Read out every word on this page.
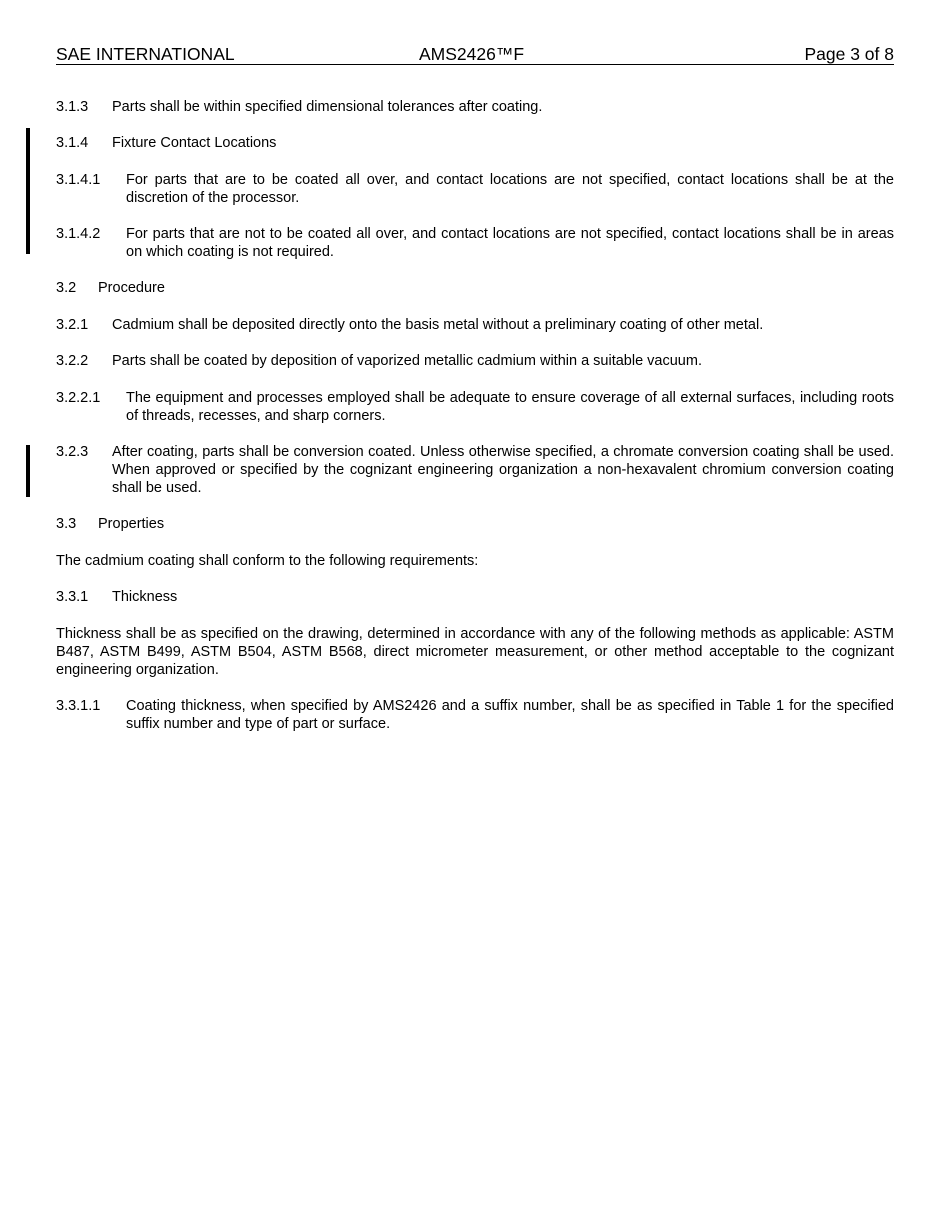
SAE INTERNATIONAL	AMS2426™F	Page 3 of 8
3.1.3 Parts shall be within specified dimensional tolerances after coating.
3.1.4 Fixture Contact Locations
3.1.4.1 For parts that are to be coated all over, and contact locations are not specified, contact locations shall be at the discretion of the processor.
3.1.4.2 For parts that are not to be coated all over, and contact locations are not specified, contact locations shall be in areas on which coating is not required.
3.2 Procedure
3.2.1 Cadmium shall be deposited directly onto the basis metal without a preliminary coating of other metal.
3.2.2 Parts shall be coated by deposition of vaporized metallic cadmium within a suitable vacuum.
3.2.2.1 The equipment and processes employed shall be adequate to ensure coverage of all external surfaces, including roots of threads, recesses, and sharp corners.
3.2.3 After coating, parts shall be conversion coated. Unless otherwise specified, a chromate conversion coating shall be used. When approved or specified by the cognizant engineering organization a non-hexavalent chromium conversion coating shall be used.
3.3 Properties
The cadmium coating shall conform to the following requirements:
3.3.1 Thickness
Thickness shall be as specified on the drawing, determined in accordance with any of the following methods as applicable: ASTM B487, ASTM B499, ASTM B504, ASTM B568, direct micrometer measurement, or other method acceptable to the cognizant engineering organization.
3.3.1.1 Coating thickness, when specified by AMS2426 and a suffix number, shall be as specified in Table 1 for the specified suffix number and type of part or surface.
